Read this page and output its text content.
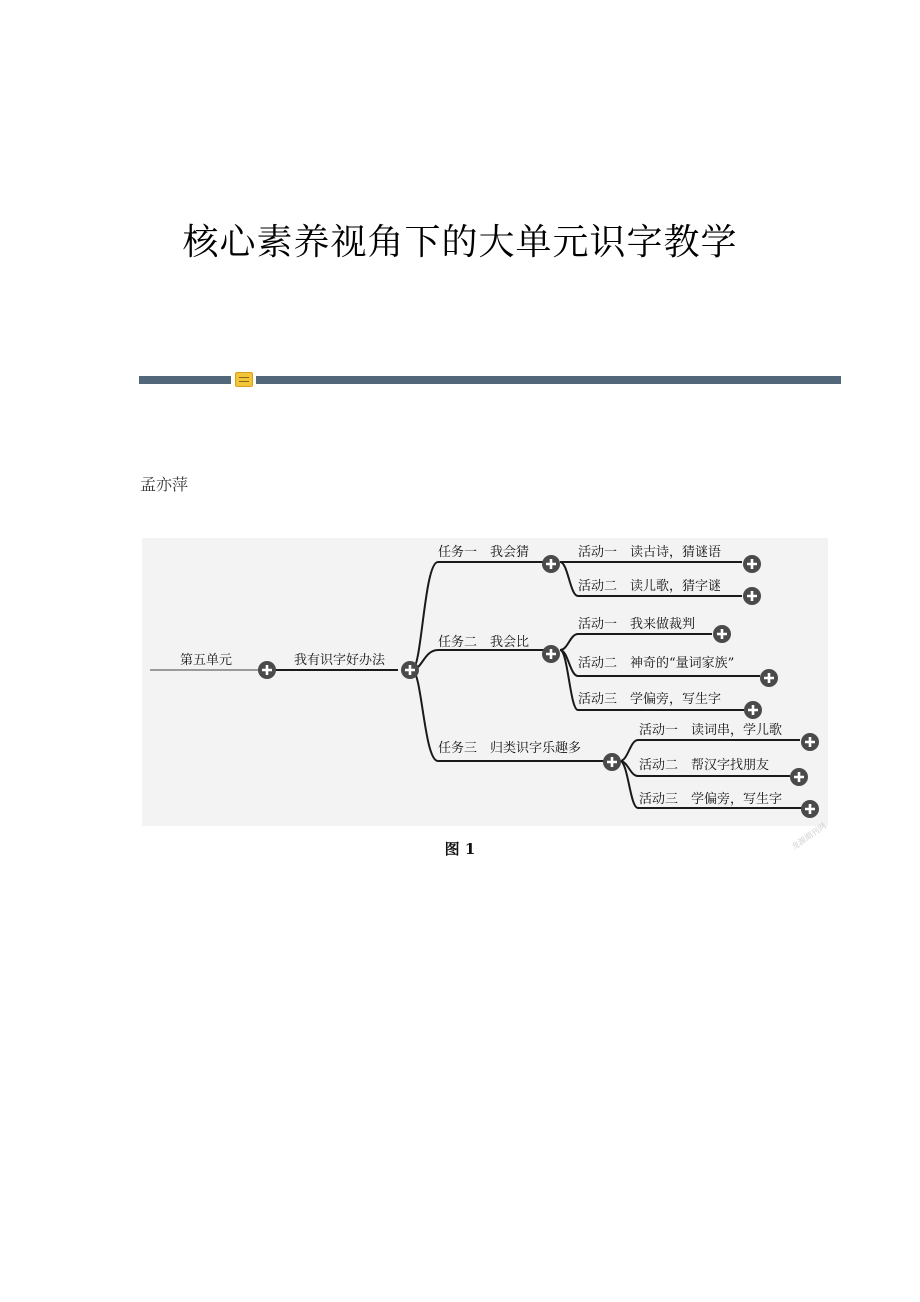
核心素养视角下的大单元识字教学
孟亦萍
第五单元	我有识字好办法
任务一　我会猜
任务二　我会比
任务三　归类识字乐趣多
活动一　读古诗，猜谜语
活动二　读儿歌，猜字谜
活动一　我来做裁判
活动二　神奇的“量词家族”
活动三　学偏旁，写生字
活动一　读词串，学儿歌
活动二　帮汉字找朋友
活动三　学偏旁，写生字
龙源期刊网
图 1
